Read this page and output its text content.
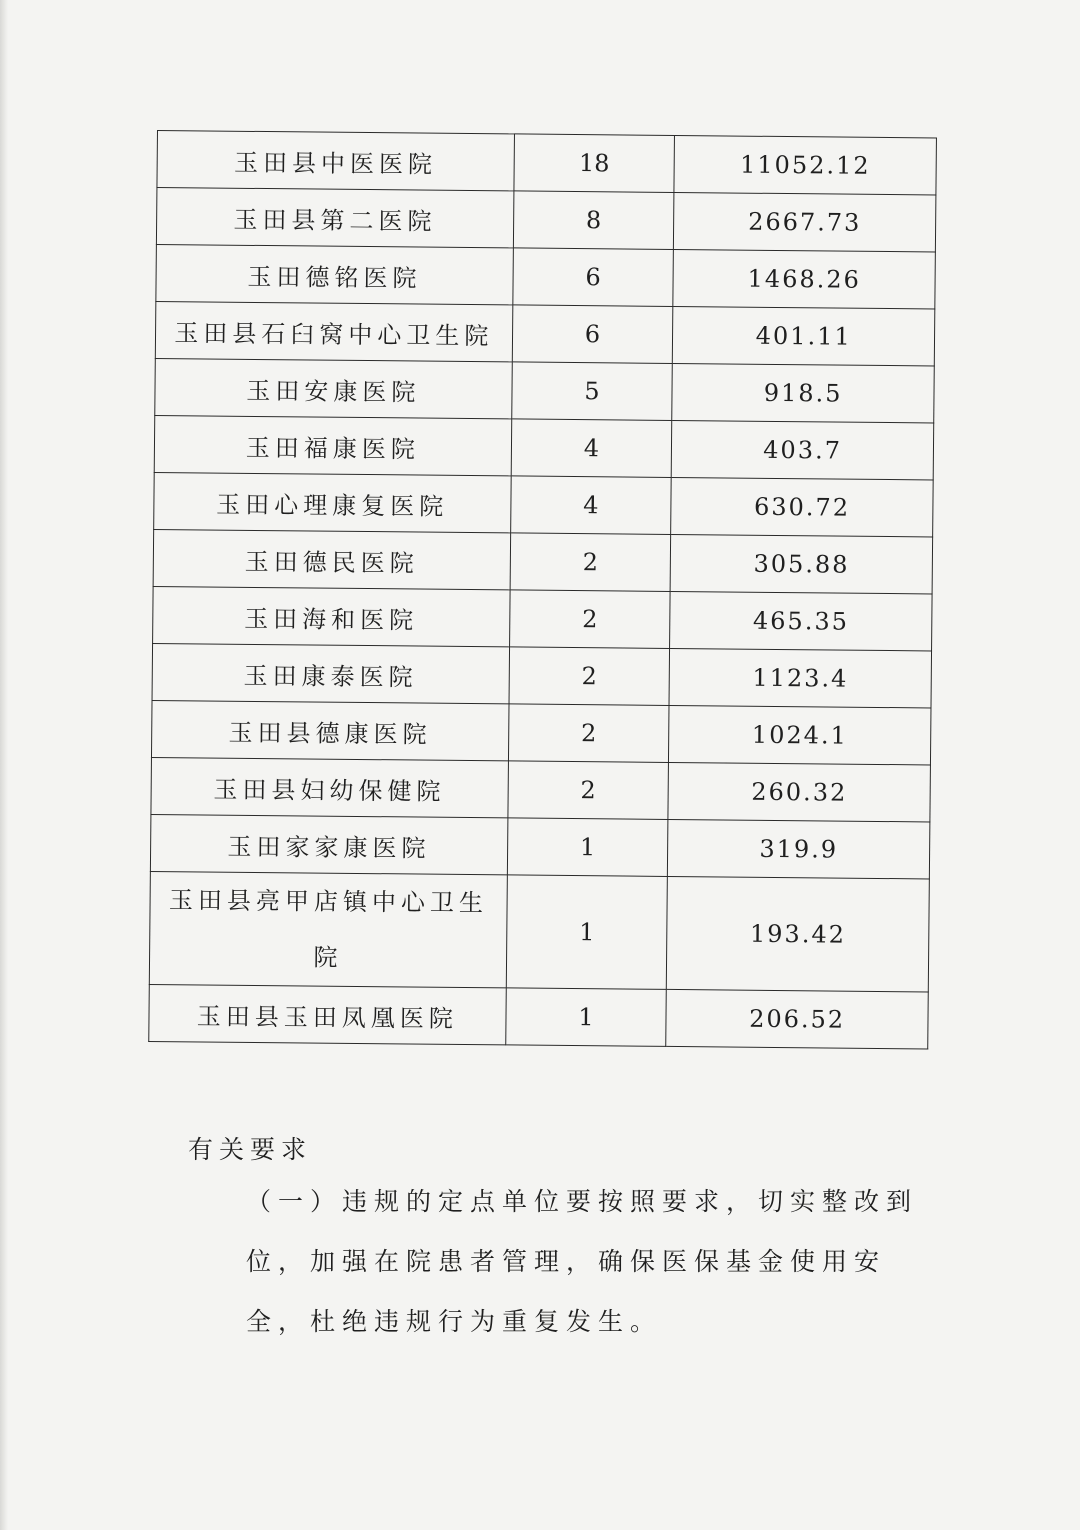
玉田县中医医院	18	11052.12
玉田县第二医院	8	2667.73
玉田德铭医院	6	1468.26
玉田县石臼窝中心卫生院	6	401.11
玉田安康医院	5	918.5
玉田福康医院	4	403.7
玉田心理康复医院	4	630.72
玉田德民医院	2	305.88
玉田海和医院	2	465.35
玉田康泰医院	2	1123.4
玉田县德康医院	2	1024.1
玉田县妇幼保健院	2	260.32
玉田家家康医院	1	319.9
玉田县亮甲店镇中心卫生院	1	193.42
玉田县玉田凤凰医院	1	206.52
有关要求
（一）违规的定点单位要按照要求，切实整改到位，加强在院患者管理，确保医保基金使用安全，杜绝违规行为重复发生。
